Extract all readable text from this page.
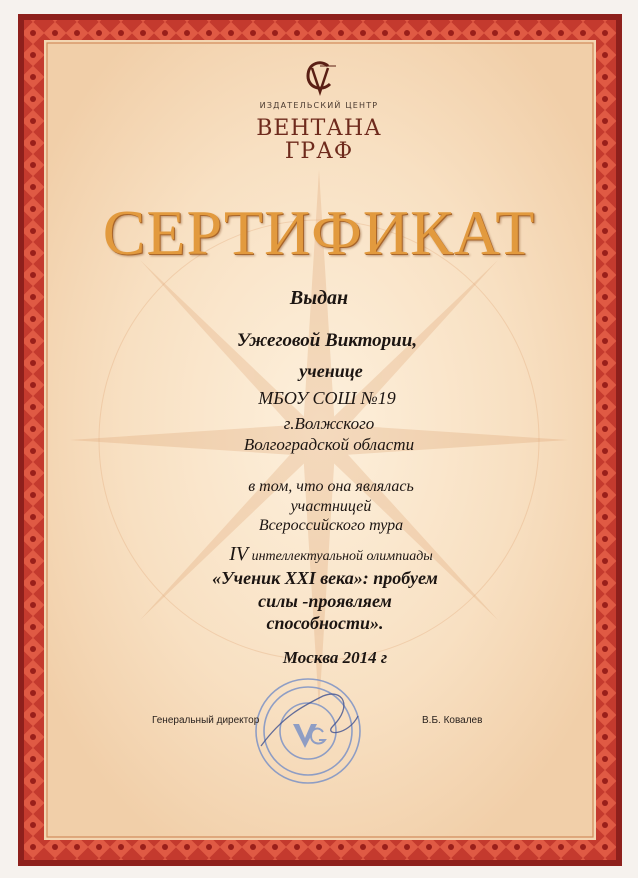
ИЗДАТЕЛЬСКИЙ ЦЕНТР
ВЕНТАНА
ГРАФ
СЕРТИФИКАТ
Выдан
Ужеговой Виктории,
ученице
МБОУ СОШ №19
г.Волжского
Волгоградской области
в том, что она являлась
участницей
Всероссийского тура
IV интеллектуальной олимпиады
«Ученик XXI века»: пробуем
силы -проявляем
способности».
Москва 2014 г
Генеральный директор	В.Б. Ковалев
